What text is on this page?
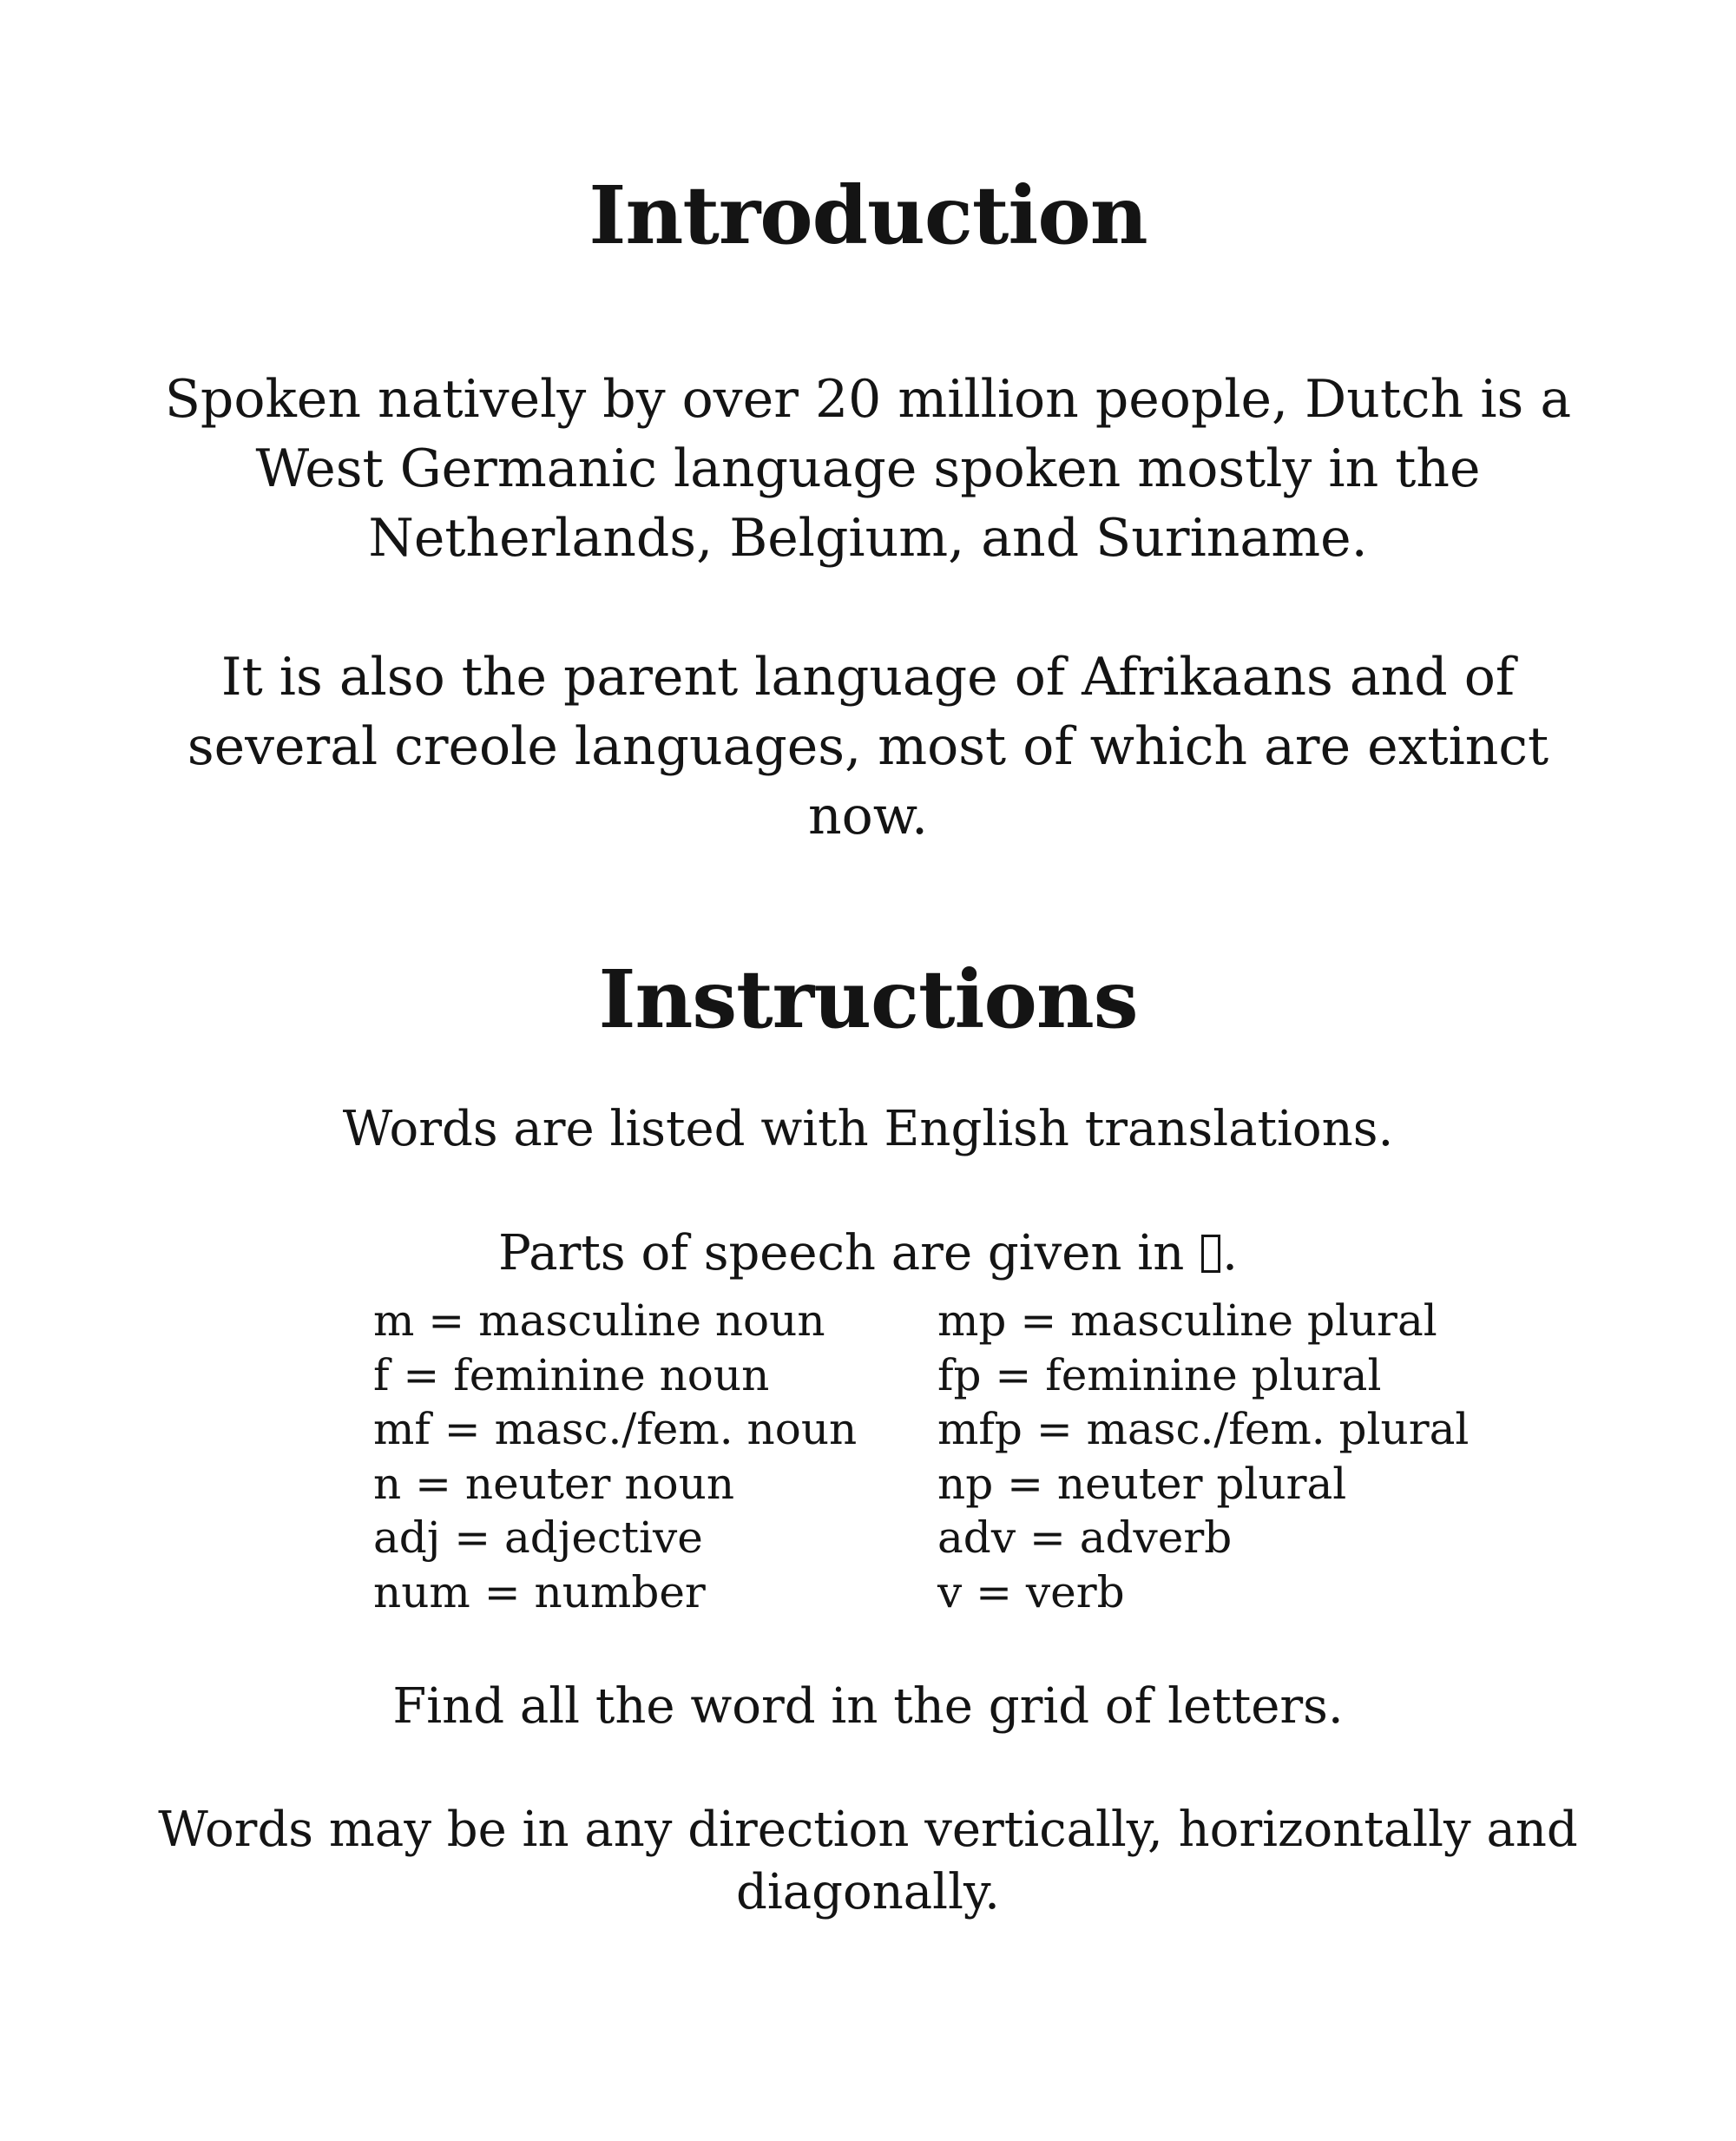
Introduction

Spoken natively by over 20 million people, Dutch is a
West Germanic language spoken mostly in the
Netherlands, Belgium, and Suriname.

It is also the parent language of Afrikaans and of
several creole languages, most of which are extinct
now.

Instructions

Words are listed with English translations.

Parts of speech are given in .

m = masculine noun	mp = masculine plural
f = feminine noun	fp = feminine plural
mf = masc./fem. noun	mfp = masc./fem. plural
n = neuter noun	np = neuter plural
adj = adjective	adv = adverb
num = number	v = verb

Find all the word in the grid of letters.

Words may be in any direction vertically, horizontally and
diagonally.
